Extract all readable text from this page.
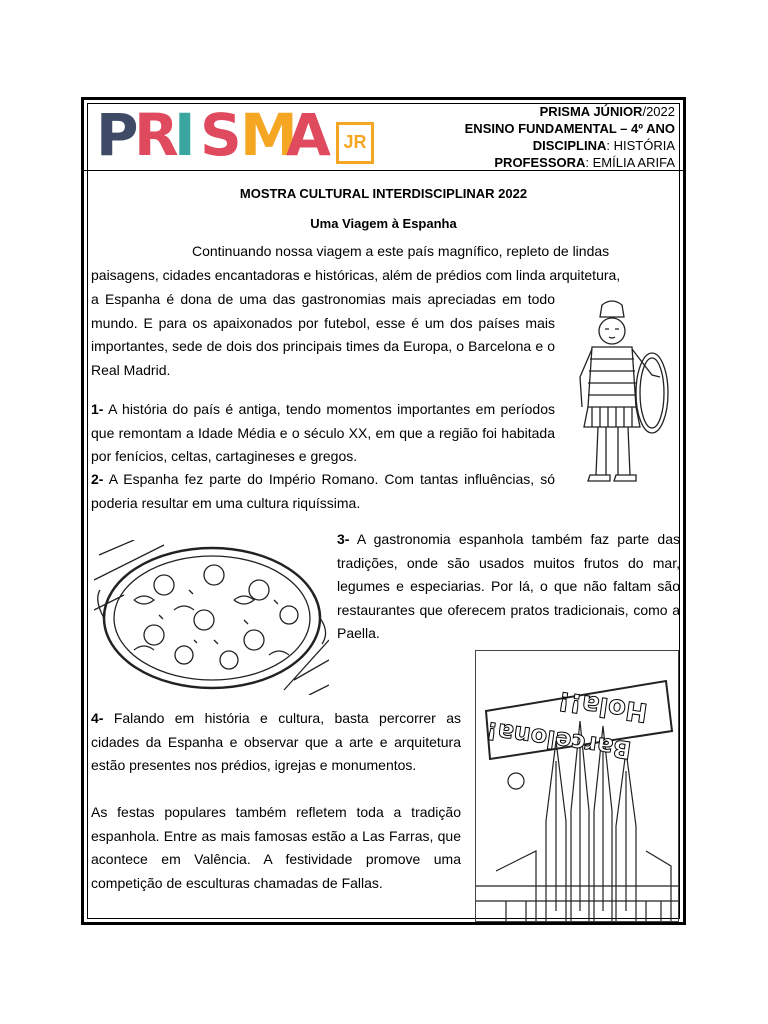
P
R
I S
M
A JR
PRISMA JÚNIOR/2022
ENSINO FUNDAMENTAL – 4º ANO
DISCIPLINA: HISTÓRIA
PROFESSORA: EMÍLIA ARIFA
MOSTRA CULTURAL INTERDISCIPLINAR 2022
Uma Viagem à Espanha
Continuando nossa viagem a este país magnífico, repleto de lindas
paisagens, cidades encantadoras e históricas, além de prédios com linda arquitetura,
a Espanha é dona de uma das gastronomias mais apreciadas em todo mundo. E para os apaixonados por futebol, esse é um dos países mais importantes, sede de dois dos principais times da Europa, o Barcelona e o Real Madrid.
1- A história do país é antiga, tendo momentos importantes em períodos que remontam a Idade Média e o século XX, em que a região foi habitada por fenícios, celtas, cartagineses e gregos.
2- A Espanha fez parte do Império Romano. Com tantas influências, só poderia resultar em uma cultura riquíssima.
3- A gastronomia espanhola também faz parte das tradições, onde são usados muitos frutos do mar, legumes e especiarias. Por lá, o que não faltam são restaurantes que oferecem pratos tradicionais, como a Paella.
4- Falando em história e cultura, basta percorrer as cidades da Espanha e observar que a arte e arquitetura estão presentes nos prédios, igrejas e monumentos.
As festas populares também refletem toda a tradição espanhola. Entre as mais famosas estão a Las Farras, que acontece em Valência. A festividade promove uma competição de esculturas chamadas de Fallas.
Hola!!
Barcelona!
